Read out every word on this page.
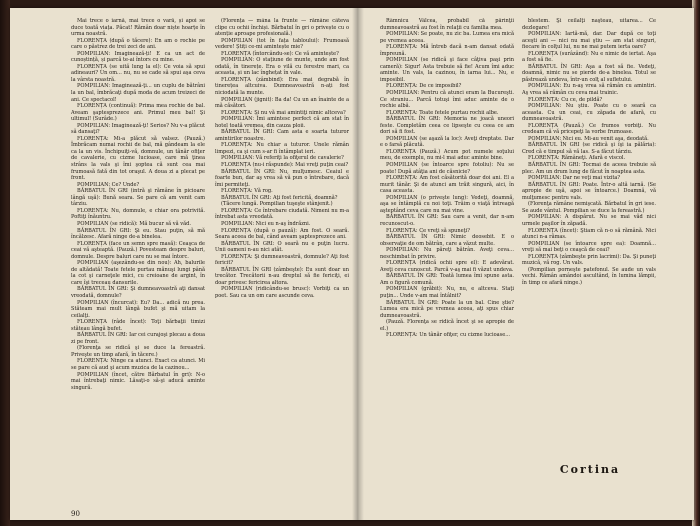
Mai trece o iarnă, mai trece o vară, și apoi se duce toată viața. Păcat! Rămân doar niște hoarțe în urma noastră.

FLORENȚA (după o tăcere): En am o rochie pe care o păstrez de trei zeci de ani.

POMPILIAN: Imaginează-ți! E ca un act de cunoștință, și parcă te-ai întors cu mine.

FLORENȚA (se uită lung la el): Ce voia să spui adineauri? Un om... nu, nu se cade să spui aşa ceva la vârsta noastră.

POMPILIAN: Imaginează-ţi... un cuplu de bătrâni la un bal, îmbrăcaţi după moda de acum treizeci de ani. Ce spectacol!

FLORENȚA (continuă): Prima mea rochie de bal. Aveam şaptesprezece ani. Primul meu bal! Şi ultimul! (Surâde.)

POMPILIAN: Imaginează-ţi! Serios? Nu v-a plăcut să dansaţi?

FLORENȚA: Mi-a plăcut să valsez. (Pauză.) Îmbrăcam numai rochii de bal, mă gândeam la ele ca la un vis. Închipuiţi-vă, domnule, un tânăr ofiţer de cavalerie, cu cizme lucioase, care mă ţinea strâns la vals şi îmi şoptea că sunt cea mai frumoasă fată din tot oraşul. A doua zi a plecat pe front.

POMPILIAN: Ce? Unde?

BĂRBATUL ÎN GRI (intră şi rămâne în picioare lângă uşă): Bună seara. Se pare că am venit cam târziu.

FLORENȚA: Nu, domnule, e chiar ora potrivită. Poftiţi înăuntru.

POMPILIAN (se ridică): Mă bucur să vă văd.

BĂRBATUL ÎN GRI: Şi eu. Stau puţin, să mă încălzesc. Afară ninge de-a binelea.

FLORENȚA (face un semn spre masă): Ceaşca de ceai vă aşteaptă. (Pauză.) Povesteam despre baluri, domnule. Despre baluri care nu se mai întorc.

POMPILIAN (aşezându-se din nou): Ah, balurile de altădată! Toate fetele purtau mănuşi lungi până la cot şi carneţele mici, cu creioane de argint, în care îşi treceau dansurile.

BĂRBATUL ÎN GRI: Şi dumneavoastră aţi dansat vreodată, domnule?

POMPILIAN (încurcat): Eu? Da... adică nu prea. Stăteam mai mult lângă bufet şi mă uitam la ceilalţi.

FLORENȚA (râde încet): Toţi bărbaţii timizi stăteau lângă bufet.

BĂRBATUL ÎN GRI: Iar cei curajoşi plecau a doua zi pe front.

(Florenţa se ridică şi se duce la fereastră. Priveşte un timp afară, în tăcere.)

FLORENȚA: Ninge ca atunci. Exact ca atunci. Mi se pare că aud şi acum muzica de la cazinou...

POMPILIAN (încet, către Bărbatul în gri): N-o mai întrebaţi nimic. Lăsaţi-o să-şi aducă aminte singură.

(Florența — mâna la frunte — rămâne câteva clipe cu ochii închiși. Bărbatul în gri o privește cu o atenție aproape profesională.)

POMPILIAN (tot în fața tabloului): Frumoasă vedere! Știți ce-mi amintește mie?

FLORENȚA (întorcându-se): Ce vă amintește?

POMPILIAN: O stațiune de munte, unde am fost odată, în tinerețe. Era o vilă cu ferestre mari, ca aceasta, și un lac înghețat în vale.

FLORENȚA (zâmbind): Era mai degrabă în tinerețea altcuiva. Dumneavoastră n-ați fost niciodată la munte.

POMPILIAN (jignit): Ba da! Cu un an înainte de a mă căsători.

FLORENȚA: Și nu vă mai amintiţi nimic altceva?

POMPILIAN: Îmi amintesc perfect că am stat în hotel toată vremea, din cauza ploii.

BĂRBATUL ÎN GRI: Cam asta e soarta tuturor amintirilor noastre.

FLORENȚA: Nu chiar a tuturor. Unele rămân limpezi, ca şi cum s-ar fi întâmplat ieri.

POMPILIAN: Vă referiţi la ofiţerul de cavalerie?

FLORENȚA (nu-i răspunde): Mai vreţi puţin ceai?

BĂRBATUL ÎN GRI: Nu, mulţumesc. Ceaiul e foarte bun, dar aş vrea să vă pun o întrebare, dacă îmi permiteţi.

FLORENȚA: Vă rog.

BĂRBATUL ÎN GRI: Aţi fost fericită, doamnă?

(Tăcere lungă. Pompilian tuşeşte stânjenit.)

FLORENȚA: Ce întrebare ciudată. Nimeni nu m-a întrebat asta vreodată.

POMPILIAN: Nici eu n-aş îndrăzni.

FLORENȚA (după o pauză): Am fost. O seară. Seara aceea de bal, când aveam şaptesprezece ani.

BĂRBATUL ÎN GRI: O seară nu e puţin lucru. Unii oameni n-au nici atât.

FLORENȚA: Şi dumneavoastră, domnule? Aţi fost fericit?

BĂRBATUL ÎN GRI (zâmbeşte): Eu sunt doar un trecător. Trecătorii n-au dreptul să fie fericiţi, ei doar privesc fericirea altora.

POMPILIAN (ridicându-se brusc): Vorbiţi ca un poet. Sau ca un om care ascunde ceva.

Râmnicu Vâlcea, probabil că părinţii dumneavoastră au fost în relaţii cu familia mea.

POMPILIAN: Se poate, nu zic ba. Lumea era mică pe vremea aceea.

FLORENȚA: Mă întreb dacă n-am dansat odată împreună.

POMPILIAN (se ridică şi face câţiva paşi prin cameră): Sigur! Asta trebuie să fie! Acum îmi aduc aminte. Un vals, la cazinou, în iarna lui... Nu, e imposibil.

FLORENȚA: De ce imposibil?

POMPILIAN: Pentru că atunci eram la Bucureşti. Ce straniu... Parcă totuşi îmi aduc aminte de o rochie albă.

FLORENȚA: Toate fetele purtau rochii albe.

BĂRBATUL ÎN GRI: Memoria ne joacă uneori feste. Completăm ceea ce lipseşte cu ceea ce am dori să fi fost.

POMPILIAN (se aşază la loc): Aveţi dreptate. Dar e o farsă plăcută.

FLORENȚA (Pauză.) Acum pot numele soţului meu, de exemplu, nu mi-l mai aduc aminte bine.

POMPILIAN (se întoarce spre fotoliu): Nu se poate! După atâţia ani de căsnicie?

FLORENȚA: Am fost căsătorită doar doi ani. El a murit tânăr. Şi de atunci am trăit singură, aici, în casa aceasta.

POMPILIAN (o priveşte lung): Vedeţi, doamnă, aşa se întâmplă cu noi toţi. Trăim o viaţă întreagă aşteptând ceva care nu mai vine.

BĂRBATUL ÎN GRI: Sau care a venit, dar n-am recunoscut-o.

FLORENȚA: Ce vreţi să spuneţi?

BĂRBATUL ÎN GRI: Nimic deosebit. E o observaţie de om bătrân, care a văzut multe.

POMPILIAN: Nu păreţi bătrân. Aveţi ceva... neschimbat în privire.

FLORENȚA (ridică ochii spre el): E adevărat. Aveţi ceva cunoscut. Parcă v-aş mai fi văzut undeva.

BĂRBATUL ÎN GRI: Toată lumea îmi spune asta. Am o figură comună.

POMPILIAN (grăbit): Nu, nu, e altceva. Staţi puţin... Unde v-am mai întâlnit?

BĂRBATUL ÎN GRI: Poate la un bal. Cine ştie? Lumea era mică pe vremea aceea, aţi spus chiar dumneavoastră.

(Pauză. Florenţa se ridică încet şi se apropie de el.)

FLORENȚA: Un tânăr ofiţer, cu cizme lucioase...

blestem. Şi ceilalţi naşteau, uitarea... Ce dezlegare!

POMPILIAN: Iartă-mă, dar. Dar după ce toţi aceşti ani — nici nu mai ştiu — am stat singuri, fiecare în colţul lui, nu ne mai putem ierta oare?

FLORENȚA (surâzând): Nu e nimic de iertat. Aşa a fost să fie.

BĂRBATUL ÎN GRI: Aşa a fost să fie. Vedeţi, doamnă, nimic nu se pierde de-a binelea. Totul se păstrează undeva, într-un colţ al sufletului.

POMPILIAN: Eu n-aş vrea să rămân cu amintiri. Aş vrea să rămân cu ceva mai trainic.

FLORENȚA: Cu ce, de pildă?

POMPILIAN: Nu ştiu. Poate cu o seară ca aceasta. Cu un ceai, cu zăpada de afară, cu dumneavoastră.

FLORENȚA (Pauză.) Ce frumos vorbiţi. Nu credeam că vă pricepeţi la vorbe frumoase.

POMPILIAN: Nici eu. Mi-au venit aşa, deodată.

BĂRBATUL ÎN GRI (se ridică şi îşi ia pălăria): Cred că e timpul să vă las. S-a făcut târziu.

FLORENȚA: Rămâneţi. Afară e viscol.

BĂRBATUL ÎN GRI: Tocmai de aceea trebuie să plec. Am un drum lung de făcut în noaptea asta.

POMPILIAN: Dar ne veţi mai vizita?

BĂRBATUL ÎN GRI: Poate. Într-o altă iarnă. (Se apropie de uşă, apoi se întoarce.) Doamnă, vă mulţumesc pentru vals.

(Florenţa rămâne nemişcată. Bărbatul în gri iese. Se aude vântul. Pompilian se duce la fereastră.)

POMPILIAN: A dispărut. Nu se mai văd nici urmele paşilor în zăpadă.

FLORENȚA (încet): Ştiam că n-o să rămână. Nici atunci n-a rămas.

POMPILIAN (se întoarce spre ea): Doamnă... vreţi să mai beţi o ceaşcă de ceai?

FLORENȚA (zâmbeşte prin lacrimi): Da. Şi puneţi muzică, vă rog. Un vals.

(Pompilian porneşte patefonul. Se aude un vals vechi. Rămân amândoi ascultând, în lumina lămpii, în timp ce afară ninge.)

90
Cortina
